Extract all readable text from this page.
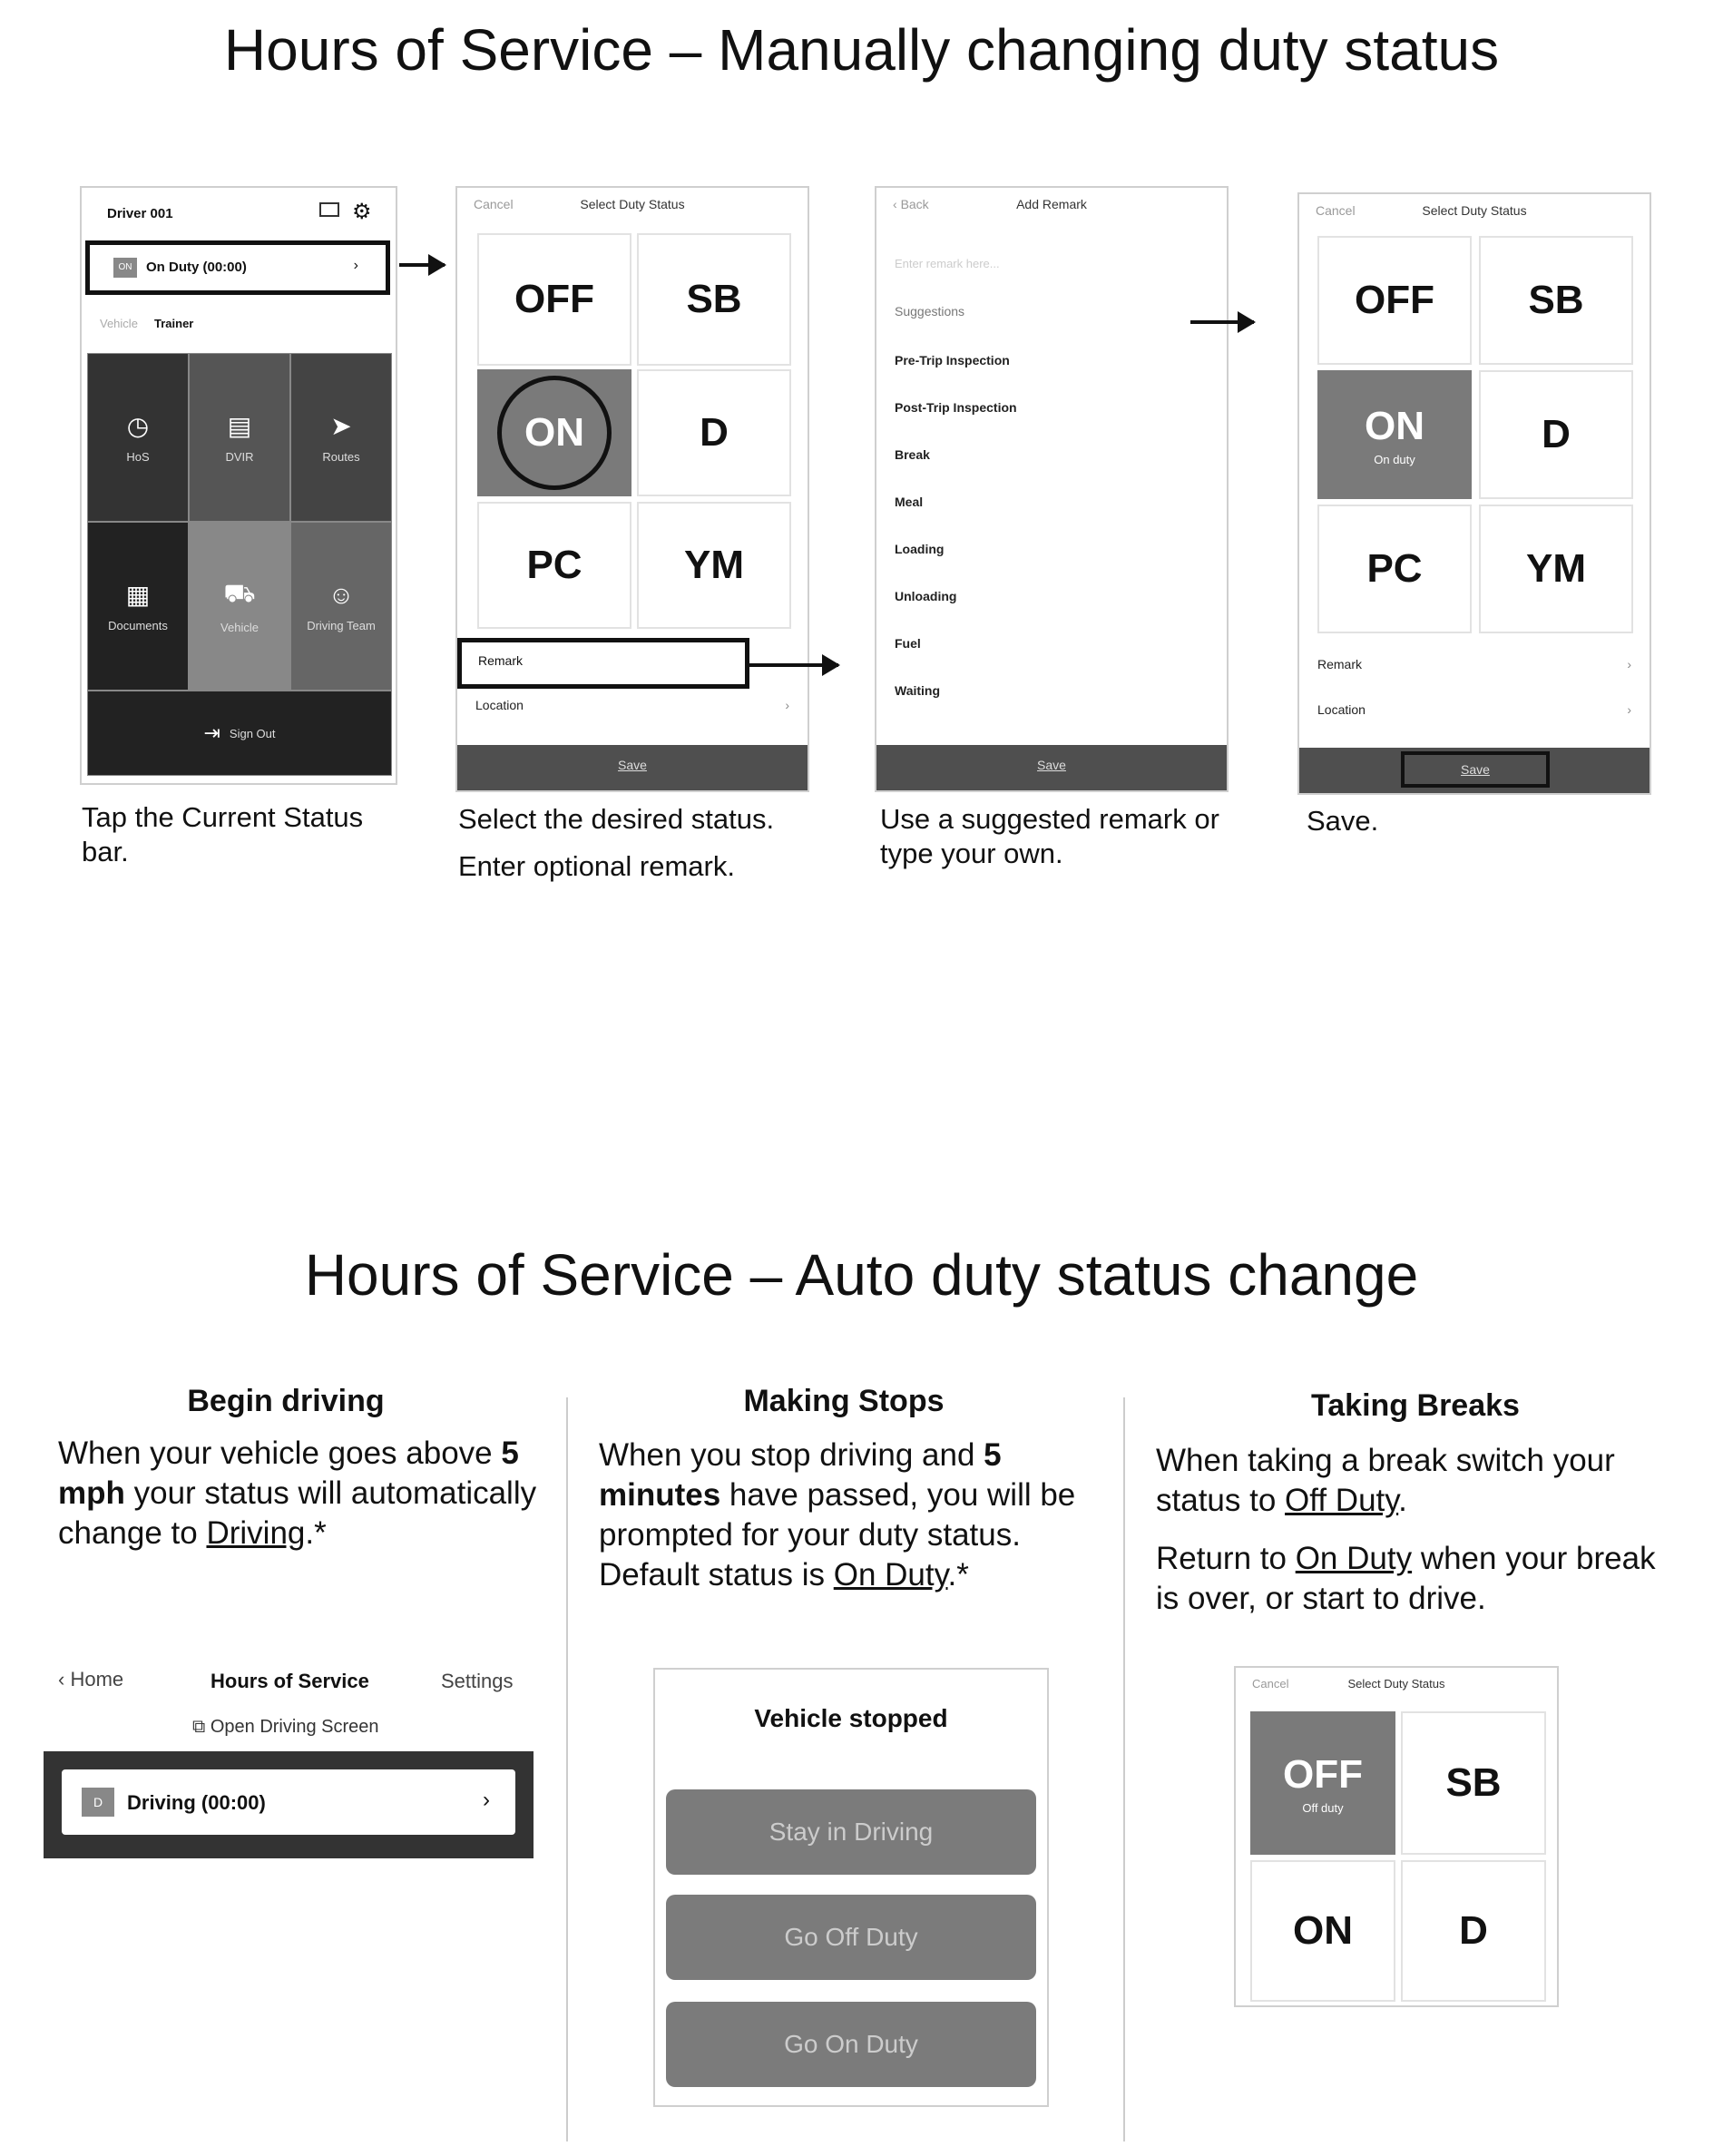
Hours of Service – Manually changing duty status
Driver 001	⚙
ON	On Duty (00:00)	›
Vehicle Trainer
◷
HoS
▤
DVIR
➤
Routes
▦
Documents
⛟
Vehicle
☺
Driving Team
⇥ Sign Out
Tap the Current Status bar.
Cancel	Select Duty Status
OFF	SB
ON	D
PC	YM
Remark
Location	›
Save
Select the desired status.
Enter optional remark.
‹ Back	Add Remark
Enter remark here...
Suggestions
Pre-Trip Inspection
Post-Trip Inspection
Break
Meal
Loading
Unloading
Fuel
Waiting
Save
Use a suggested remark or type your own.
Cancel	Select Duty Status
OFF	SB
ON
On duty
D
PC	YM
Remark	›
Location	›
Save
Save.
Hours of Service – Auto duty status change
Begin driving
When your vehicle goes above 5 mph your status will automatically change to Driving.*
‹ Home	Hours of Service	Settings
⧉ Open Driving Screen
D	Driving (00:00)	›
Making Stops
When you stop driving and 5 minutes have passed, you will be prompted for your duty status. Default status is On Duty.*
Vehicle stopped
Stay in Driving
Go Off Duty
Go On Duty
Taking Breaks
When taking a break switch your status to Off Duty.
Return to On Duty when your break is over, or start to drive.
Cancel	Select Duty Status
OFF
Off duty
SB
ON	D
